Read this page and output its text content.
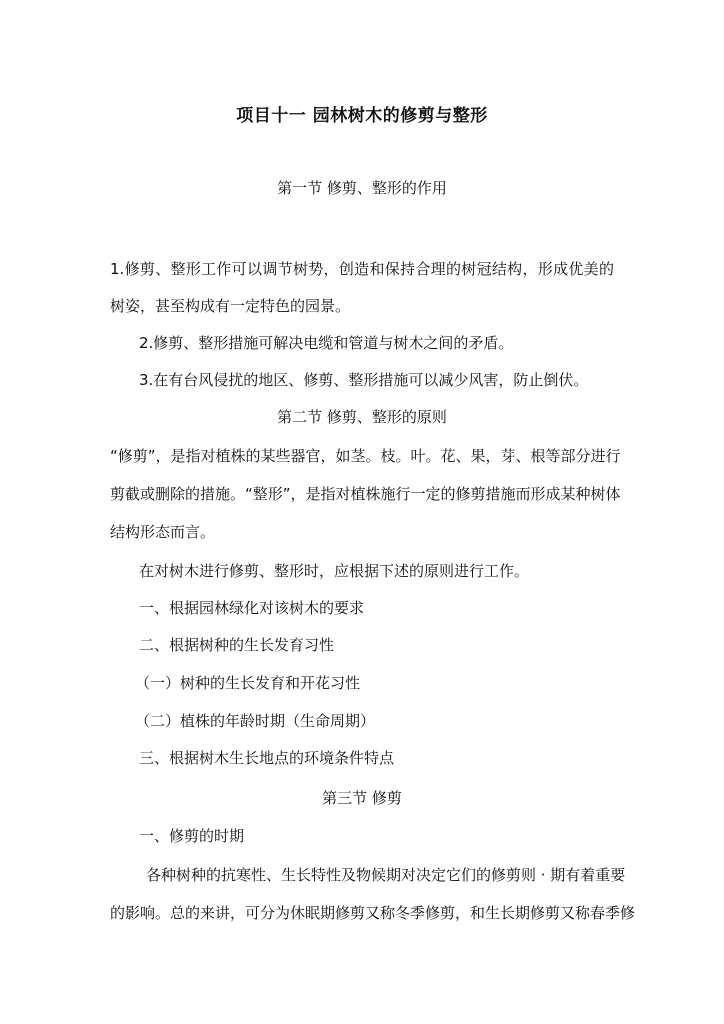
项目十一 园林树木的修剪与整形
第一节 修剪、整形的作用
1.修剪、整形工作可以调节树势，创造和保持合理的树冠结构，形成优美的
树姿，甚至构成有一定特色的园景。
2.修剪、整形措施可解决电缆和管道与树木之间的矛盾。
3.在有台风侵扰的地区、修剪、整形措施可以减少风害，防止倒伏。
第二节 修剪、整形的原则
“修剪”，是指对植株的某些器官，如茎。枝。叶。花、果，芽、根等部分进行
剪截或删除的措施。“整形”，是指对植株施行一定的修剪措施而形成某种树体
结构形态而言。
在对树木进行修剪、整形时，应根据下述的原则进行工作。
一、根据园林绿化对该树木的要求
二、根据树种的生长发育习性
（一）树种的生长发育和开花习性
（二）植株的年龄时期（生命周期）
三、根据树木生长地点的环境条件特点
第三节 修剪
一、修剪的时期
各种树种的抗寒性、生长特性及物候期对决定它们的修剪则 · 期有着重要
的影响。总的来讲，可分为休眠期修剪又称冬季修剪，和生长期修剪又称春季修
